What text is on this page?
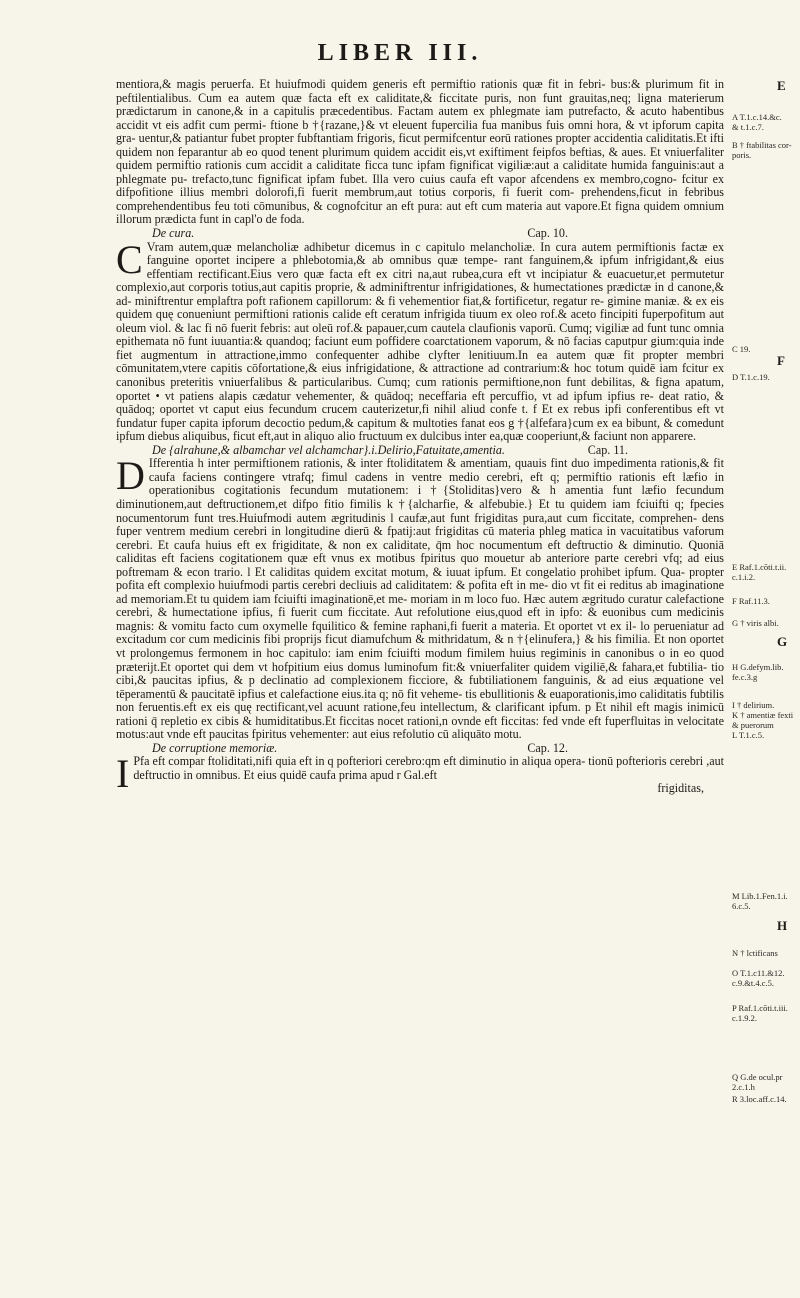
LIBER III.

mentiora,& magis peruerfa. Et huiufmodi quidem generis eft permiftio rationis quæ fit in febri- bus:& plurimum fit in peftilentialibus. Cum ea autem quæ facta eft ex caliditate,& ficcitate puris, non funt grauitas,neq; ligna materierum prædictarum in canone,& in a capitulis præcedentibus. Factam autem ex phlegmate iam putrefacto, & acuto habentibus accidit vt eis adfit cum permi- ftione b †{razane,}& vt eleuent fupercilia fua manibus fuis omni hora, & vt ipforum capita gra- uentur,& patiantur fubet propter fubftantiam frigoris, ficut permifcentur eorū rationes propter accidentia caliditatis.Et ifti quidem non feparantur ab eo quod tenent plurimum quidem accidit eis,vt exiftiment feipfos beftias, & aues. Et vniuerfaliter quidem permiftio rationis cum accidit a caliditate ficca tunc ipfam fignificat vigiliæ:aut a caliditate humida fanguinis:aut a phlegmate pu- trefacto,tunc fignificat ipfam fubet. Illa vero cuius caufa eft vapor afcendens ex membro,cogno- fcitur ex difpofitione illius membri dolorofi,fi fuerit membrum,aut totius corporis, fi fuerit com- prehendens,ficut in febribus comprehendentibus feu toti cōmunibus, & cognofcitur an eft pura: aut eft cum materia aut vapore.Et figna quidem omnium illorum prædicta funt in capl'o de foda.

De cura.	Cap. 10.

C Vram autem,quæ melancholiæ adhibetur dicemus in c capitulo melancholiæ. In cura autem permiftionis factæ ex fanguine oportet incipere a phlebotomia,& ab omnibus quæ tempe- rant fanguinem,& ipfum infrigidant,& eius effentiam rectificant.Eius vero quæ facta eft ex citri na,aut rubea,cura eft vt incipiatur & euacuetur,et permutetur complexio,aut corporis totius,aut capitis proprie, & adminiftrentur infrigidationes, & humectationes prædictæ in d canone,& ad- miniftrentur emplaftra poft rafionem capillorum: & fi vehementior fiat,& fortificetur, regatur re- gimine maniæ. & ex eis quidem quę conueniunt permiftioni rationis calide eft ceratum infrigida tiuum ex oleo rof.& aceto fincipiti fuperpofitum aut oleum viol. & lac fi nō fuerit febris: aut oleū rof.& papauer,cum cautela claufionis vaporū. Cumq; vigiliæ ad funt tunc omnia epithemata nō funt iuuantia:& quandoq; faciunt eum poffidere coarctationem vaporum, & nō facias caputpur gium:quia inde fiet augmentum in attractione,immo confequenter adhibe clyfter lenitiuum.In ea autem quæ fit propter membri cōmunitatem,vtere capitis cōfortatione,& eius infrigidatione, & attractione ad contrarium:& hoc totum quidē iam fcitur ex canonibus preteritis vniuerfalibus & particularibus. Cumq; cum rationis permiftione,non funt debilitas, & figna apatum, oportet • vt patiens alapis cædatur vehementer, & quādoq; neceffaria eft percuffio, vt ad ipfum ipfius re- deat ratio, & quādoq; oportet vt caput eius fecundum crucem cauterizetur,fi nihil aliud confe t. f Et ex rebus ipfi conferentibus eft vt fundatur fuper capita ipforum decoctio pedum,& capitum & multoties fanat eos g †{alfefara}cum ex ea bibunt, & comedunt ipfum diebus aliquibus, ficut eft,aut in aliquo alio fructuum ex dulcibus inter ea,quæ cooperiunt,& faciunt non apparere.

De {alrahune,& albamchar vel alchamchar}.i.Delirio,Fatuitate,amentia.	Cap. 11.

D Ifferentia h inter permiftionem rationis, & inter ftoliditatem & amentiam, quauis fint duo impedimenta rationis,& fit caufa faciens contingere vtrafq; fimul cadens in ventre medio cerebri, eft q; permiftio rationis eft læfio in operationibus cogitationis fecundum mutationem: i †{Stoliditas}vero & h amentia funt læfio fecundum diminutionem,aut deftructionem,et difpo fitio fimilis k †{alcharfie, & alfebubie.} Et tu quidem iam fciuifti q; fpecies nocumentorum funt tres.Huiufmodi autem ægritudinis l caufæ,aut funt frigiditas pura,aut cum ficcitate, comprehen- dens fuper ventrem medium cerebri in longitudine dierū & fpatij:aut frigiditas cū materia phleg matica in vacuitatibus vaforum cerebri. Et caufa huius eft ex frigiditate, & non ex caliditate, q̄m hoc nocumentum eft deftructio & diminutio. Quoniā caliditas eft faciens cogitationem quæ eft vnus ex motibus fpiritus quo mouetur ab anteriore parte cerebri vfq; ad eius poftremam & econ trario. l Et caliditas quidem excitat motum, & iuuat ipfum. Et congelatio prohibet ipfum. Qua- propter pofita eft complexio huiufmodi partis cerebri decliuis ad caliditatem: & pofita eft in me- dio vt fit ei reditus ab imaginatione ad memoriam.Et tu quidem iam fciuifti imaginationē,et me- moriam in m loco fuo. Hæc autem ægritudo curatur calefactione cerebri, & humectatione ipfius, fi fuerit cum ficcitate. Aut refolutione eius,quod eft in ipfo: & euonibus cum medicinis magnis: & vomitu facto cum oxymelle fquilitico & femine raphani,fi fuerit a materia. Et oportet vt ex il- lo perueniatur ad excitadum cor cum medicinis fibi proprijs ficut diamufchum & mithridatum, & n †{elinufera,} & his fimilia. Et non oportet vt prolongemus fermonem in hoc capitulo: iam enim fciuifti modum fimilem huius regiminis in canonibus o in eo quod præterijt.Et oportet qui dem vt hofpitium eius domus luminofum fit:& vniuerfaliter quidem vigiliē,& fahara,et fubtilia- tio cibi,& paucitas ipfius, & p declinatio ad complexionem ficciore, & fubtiliationem fanguinis, & ad eius æquatione vel tēperamentū & paucitatē ipfius et calefactione eius.ita q; nō fit veheme- tis ebullitionis & euaporationis,imo caliditatis fubtilis non feruentis.eft ex eis quę rectificant,vel acuunt ratione,feu intellectum, & clarificant ipfum. p Et nihil eft magis inimicū rationi q̄ repletio ex cibis & humiditatibus.Et ficcitas nocet rationi,n ovnde eft ficcitas: fed vnde eft fuperfluitas in velocitate motus:aut vnde eft paucitas fpiritus vehementer: aut eius refolutio cū aliquāto motu.

De corruptione memoriæ.	Cap. 12.

I Pfa eft compar ftoliditati,nifi quia eft in q pofteriori cerebro:qm eft diminutio in aliqua opera- tionū pofterioris cerebri ,aut deftructio in omnibus. Et eius quidē caufa prima apud r Gal.eft

frigiditas,

A T.1.c.14.&c.
& t.1.c.7.
B † ftabilitas cor-
poris.
C 19.
D T.1.c.19.
E Raf.1.cōti.t.ii.
c.1.i.2.
F Raf.11.3.
G † viris albi.
H G.defym.lib.
fe.c.3.g
I † delirium.
K † amentiæ fexti
& puerorum
L T.1.c.5.
M Lib.1.Fen.1.i.
6.c.5.
N † lctificans
O T.1.c11.&12.
c.9.&t.4.c.5.
P Raf.1.cōti.t.iii.
c.1.9.2.
Q G.de ocul.pr
2.c.1.h
R 3.loc.aff.c.14.
E
F
G
H
